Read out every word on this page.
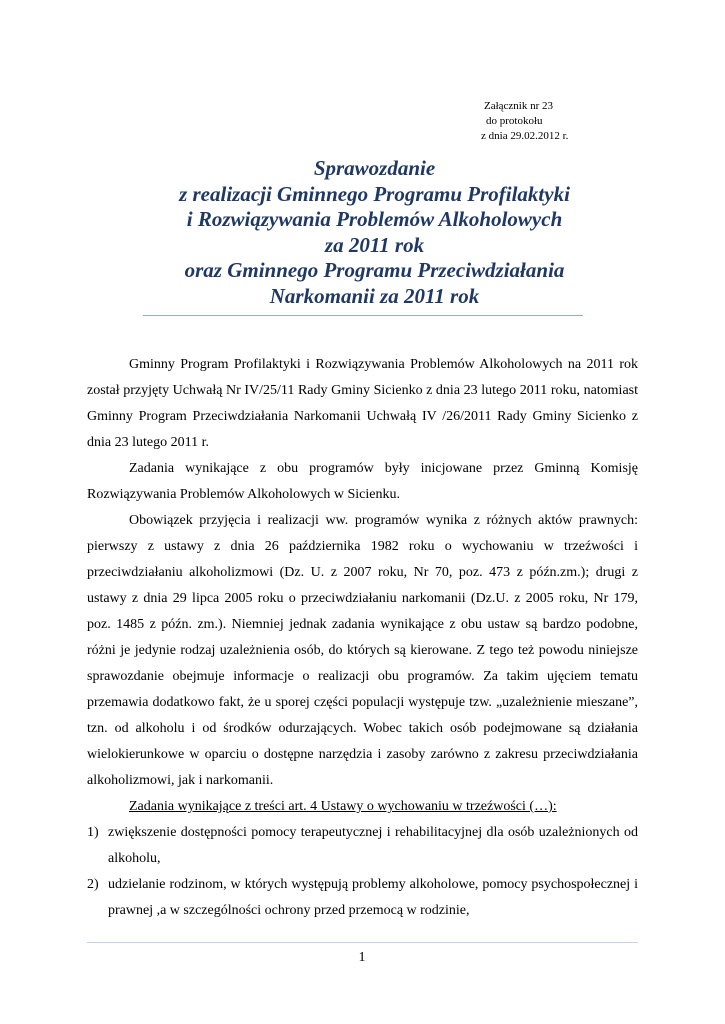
Załącznik nr 23
do protokołu
z dnia 29.02.2012 r.
Sprawozdanie
z realizacji Gminnego Programu Profilaktyki
i Rozwiązywania Problemów Alkoholowych
za 2011 rok
oraz Gminnego Programu Przeciwdziałania
Narkomanii za 2011 rok

Gminny Program Profilaktyki i Rozwiązywania Problemów Alkoholowych na 2011 rok został przyjęty Uchwałą Nr IV/25/11 Rady Gminy Sicienko z dnia 23 lutego 2011 roku, natomiast Gminny Program Przeciwdziałania Narkomanii Uchwałą IV /26/2011 Rady Gminy Sicienko z dnia 23 lutego 2011 r.

Zadania wynikające z obu programów były inicjowane przez Gminną Komisję Rozwiązywania Problemów Alkoholowych w Sicienku.

Obowiązek przyjęcia i realizacji ww. programów wynika z różnych aktów prawnych: pierwszy z ustawy z dnia 26 października 1982 roku o wychowaniu w trzeźwości i przeciwdziałaniu alkoholizmowi (Dz. U. z 2007 roku, Nr 70, poz. 473 z późn.zm.); drugi z ustawy z dnia 29 lipca 2005 roku o przeciwdziałaniu narkomanii (Dz.U. z 2005 roku, Nr 179, poz. 1485 z późn. zm.). Niemniej jednak zadania wynikające z obu ustaw są bardzo podobne, różni je jedynie rodzaj uzależnienia osób, do których są kierowane. Z tego też powodu niniejsze sprawozdanie obejmuje informacje o realizacji obu programów. Za takim ujęciem tematu przemawia dodatkowo fakt, że u sporej części populacji występuje tzw. „uzależnienie mieszane”, tzn. od alkoholu i od środków odurzających. Wobec takich osób podejmowane są działania wielokierunkowe w oparciu o dostępne narzędzia i zasoby zarówno z zakresu przeciwdziałania alkoholizmowi, jak i narkomanii.

Zadania wynikające z treści art. 4 Ustawy o wychowaniu w trzeźwości (…):

1) zwiększenie dostępności pomocy terapeutycznej i rehabilitacyjnej dla osób uzależnionych od alkoholu,
2) udzielanie rodzinom, w których występują problemy alkoholowe, pomocy psychospołecznej i prawnej ,a w szczególności ochrony przed przemocą w rodzinie,
1
